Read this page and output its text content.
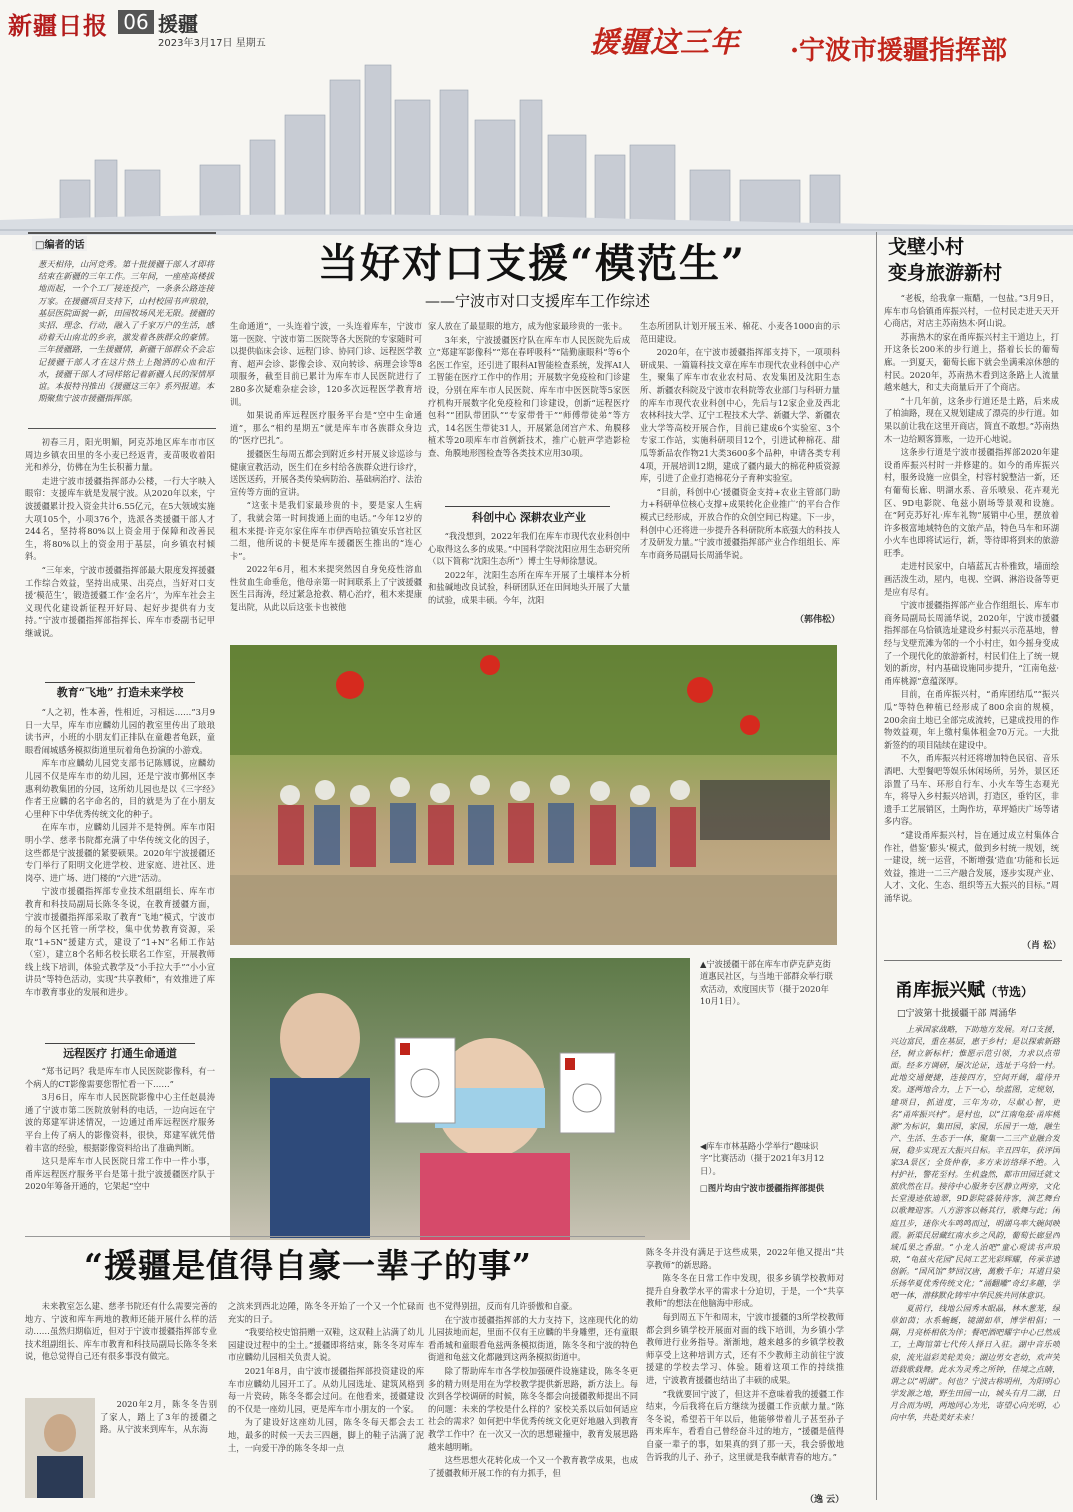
新疆日报 06 援疆
2023年3月17日 星期五	援疆这三年 ·宁波市援疆指挥部
□编者的话
葱天相待，山河竞秀。第十批援疆干部人才即将结束在新疆的三年工作。三年间，一座座高楼拔地而起，一个个工厂接连投产，一条条公路连接万家。在援疆项目支持下，山村校园书声琅琅，基层医院面貌一新，田园牧场风光无限。援疆的实招、理念、行动，融入了千家万户的生活，感动着天山南北的乡亲，激发着各族群众的豪情。三年援疆路，一生援疆情，新疆干部群众不会忘记援疆干部人才在这片热土上抛洒的心血和汗水，援疆干部人才同样铭记着新疆人民的深情厚谊。本报特刊推出《援疆这三年》系列报道。本期聚焦宁波市援疆指挥部。
当好对口支援“模范生”
——宁波市对口支援库车工作综述

初春三月，阳光明媚，阿克苏地区库车市市区周边乡镇农田里的冬小麦已经返青，麦苗吸收着阳光和养分，仿佛在为生长积蓄力量。

走进宁波市援疆指挥部办公楼，一行大字映入眼帘：支援库车就是发展宁波。从2020年以来，宁波援疆累计投入资金共计6.55亿元，在5大领域实施大项105个，小项376个，选派各类援疆干部人才244名，坚持将80%以上资金用于保障和改善民生，将80%以上的资金用于基层，向乡镇农村倾斜。

“三年来，宁波市援疆指挥部最大限度发挥援疆工作综合效益，坚持出成果、出亮点，当好对口支援‘模范生’，锻造援疆工作‘金名片’，为库车社会主义现代化建设新征程开好局、起好步提供有力支持。”宁波市援疆指挥部指挥长、库车市委副书记甲继诚说。

教育“飞地” 打造未来学校

“人之初，性本善，性相近，习相远……”3月9日一大早，库车市应麟幼儿园的教室里传出了琅琅读书声，小班的小朋友们正排队在童趣者龟跃，童眼看闹城感务模拟街道里玩着角色扮演的小游戏。

库车市应麟幼儿园党支部书记陈娜说，应麟幼儿园不仅是库车市的幼儿园，还是宁波市鄞州区李惠利幼教集团的分园，这所幼儿园也是以《三字经》作者王应麟的名字命名的，目的就是为了在小朋友心里种下中华优秀传统文化的种子。

在库车市，应麟幼儿园并不是特例。库车市阳明小学、慈孝书院都充满了中华传统文化的因子，这些都是宁波援疆的紧要硕果。2020年宁波援疆还专门举行了阳明文化进学校、进家庭、进社区、进岗亭、进广场、进门楼的“六进”活动。

宁波市援疆指挥部专业技术组副组长、库车市教育和科技局副局长陈冬冬说，在教育援疆方面，宁波市援疆指挥部采取了教育“飞地”模式，宁波市的每个区托管一所学校，集中优势教育资源，采取“1+5N”援建方式，建设了“1+N”名师工作站（室），建立8个名师名校长联名工作室，开展教师线上线下培训，体验式教学及“小手拉大手”“小小宣讲员”等特色活动，实现“共享教师”，有效推进了库车市教育事业的发展和进步。

远程医疗 打通生命通道

“郑书记吗？我是库车市人民医院影像科，有一个病人的CT影像需要您帮忙看一下……”

3月6日，库车市人民医院影像中心主任赵晨涛通了宁波市第二医院放射科的电话，一边向远在宁波的郑建军讲述情况，一边通过甬库远程医疗服务平台上传了病人的影像资料，很快，郑建军就凭借着丰富的经验，根据影像资料给出了准确判断。

这只是库车市人民医院日常工作中一件小事，甬库远程医疗服务平台是第十批宁波援疆医疗队于2020年筹备开通的，它架起“空中

生命通道”，一头连着宁波，一头连着库车，宁波市第一医院、宁波市第二医院等各大医院的专家随时可以提供临床会诊、远程门诊、协同门诊、远程医学教育、超声会诊、影像会诊、双向转诊、病理会诊等8项服务，截至目前已累计为库车市人民医院进行了280多次疑难杂症会诊，120多次远程医学教育培训。

如果说甬库远程医疗服务平台是“空中生命通道”，那么“相约星期五”就是库车市各族群众身边的“医疗巴扎”。

援疆医生每周五都会到附近乡村开展义诊巡诊与健康宣教活动，医生们在乡村给各族群众进行诊疗，送医送药，开展各类传染病防治、基础病治疗、法治宣传等方面的宣讲。

“这张卡是我们家最珍贵的卡，要是家人生病了，我就会第一时间拨通上面的电话。”今年12岁的租木来提·许克尔家住库车市伊西哈拉镇安乐宫社区二组，他所说的卡便是库车援疆医生推出的“连心卡”。

2022年6月，租木来提突然因自身免疫性溶血性贫血生命垂危，他母亲第一时间联系上了宁波援疆医生吕海涛，经过紧急抢救、精心治疗，租木来提康复出院，从此以后这张卡也被他

家人放在了最显眼的地方，成为他家最珍贵的一张卡。

3年来，宁波援疆医疗队在库车市人民医院先后成立“郑建军影像科”“郑在春呼吸科”“陆勤康眼科”等6个名医工作室，还引进了眼科AI智能检查系统，发挥AI人工智能在医疗工作中的作用；开展数字免疫检和门诊建设，分别在库车市人民医院、库车市中医医院等5家医疗机构开展数字化免疫检和门诊建设，创新“远程医疗包科”“团队带团队”“专家带骨干”“师傅带徒弟”等方式，14名医生带徒31人，开展紧急闭宫产术、角膜移植术等20项库车市首例新技术，推广心脏声学造影检查、角膜地形图检查等各类技术应用30项。

科创中心 深耕农业产业

“我没想到，2022年我们在库车市现代农业科创中心取得这么多的成果。”中国科学院沈阳应用生态研究所（以下简称“沈阳生态所”）博士生导师徐慧说。

2022年，沈阳生态所在库车开展了土壤样本分析和盐碱地改良试验，科研团队还在田间地头开展了大量的试验，成果丰硕。今年，沈阳

生态所团队计划开展玉米、棉花、小麦各1000亩的示范田建设。

2020年，在宁波市援疆指挥部支持下，一项项科研成果、一篇篇科技文章在库车市现代农业科创中心产生，聚集了库车市农业农村局、农发集团及沈阳生态所、新疆农科院及宁波市农科院等农业部门与科研力量的库车市现代农业科创中心，先后与12家企业及西北农林科技大学、辽宁工程技术大学、新疆大学、新疆农业大学等高校开展合作，目前已建成6个实验室、3个专家工作站，实施科研项目12个，引进试种棉花、甜瓜等新品农作物21大类3600多个品种，申请各类专利4项，开展培训12期，建成了疆内最大的棉花种质资源库，引进了企业打造棉花分子育种实验室。

“目前，科创中心‘援疆资金支持+农业主管部门助力+科研单位核心支撑+成果转化企业推广’的平台合作模式已经形成，开放合作的众创空间已构建。下一步，科创中心还将进一步提升各科研院所本底强大的科技人才及研发力量。”宁波市援疆指挥部产业合作组组长、库车市商务局副局长周涌华说。

（郭伟松）
▲宁波援疆干部在库车市萨克萨克街道惠民社区，与当地干部群众举行联欢活动，欢度国庆节（摄于2020年10月1日）。
◀库车市林基路小学举行“趣味识字”比赛活动（摄于2021年3月12日）。
□图片均由宁波市援疆指挥部提供
戈壁小村
变身旅游新村

“老板，给我拿一瓶醋，一包盐。”3月9日，库车市乌恰镇甬库振兴村，一位村民走进天天开心商店，对店主苏南热木·阿山说。

苏南热木的家在甬库振兴村主干道边上，打开这条长200米的步行道上，搭着长长的葡萄廊。一到夏天，葡萄长廊下就会坐满乘凉休憩的村民。2020年，苏南热木看到这条路上人流量越来越大，和丈夫商量后开了个商店。

“十几年前，这条步行道还是土路，后来成了柏油路，现在又规划建成了漂亮的步行道。如果以前让我在这里开商店，简直不敢想。”苏南热木一边给顾客算账，一边开心地说。

这条步行道是宁波市援疆指挥部2020年建设甬库振兴村时一并修建的。如今的甬库振兴村，服务设施一应俱全，村容村貌整洁一新，还有葡萄长廊、明湖水系、音乐喷泉、花卉观光区、9D电影院、龟兹小剧场等景观和设施。在“阿克苏好礼·库车礼物”展销中心里，摆放着许多极富地域特色的文旅产品，特色马车和环湖小火车也即将试运行，新，等待即将到来的旅游旺季。

走进村民家中，白墙蓝瓦古朴雅致，墙面绘画活泼生动，屋内，电视、空调、淋浴设备等更是应有尽有。

宁波市援疆指挥部产业合作组组长、库车市商务局副局长周涌华说，2020年，宁波市援疆指挥部在乌恰镇选址建设乡村振兴示范基地，曾经与戈壁荒滩为邻的一个小村庄，如今摇身变成了一个现代化的旅游新村，村民们住上了统一规划的新房，村内基础设施同步提升，“江南龟兹·甬库桃源”意蕴深厚。

目前，在甬库振兴村，“甬库团结瓜”“振兴瓜”等特色种植已经形成了800余亩的规模，200余亩土地已全部完成流转，已建成投用的作物效益观，年上缴村集体租金70万元。一大批新签约的项目陆续在建设中。

不久，甬库振兴村还将增加特色民宿、音乐酒吧、大型餐吧等娱乐休闲场所，另外，景区还添置了马车、环形自行车、小火车等生态观光车，将导入乡村振兴培训，打造区，垂钓区，非遗手工艺展销区，土陶作坊，草坪婚庆广场等诸多内容。

“建设甬库振兴村，旨在通过成立村集体合作社，借鉴‘膨头’模式，做到乡村统一规划，统一建设，统一运营，不断增强‘造血’功能和长远效益，推进一二三产融合发展，逐步实现产业、人才、文化、生态、组织等五大振兴的目标。”周涌华说。

（肖 松）
甬库振兴赋（节选）
□宁波第十批援疆干部 周涌华

上承国家战略，下助地方发展。对口支援，兴边富民，重在基层，惠于乡村；是以探索新路径，树立新标杆；惟愿示范引领，力求以点带面。经多方调研，屡次论证，选址于乌恰一村。此地交通便捷，连接四方，空间开阔，蕴待开发。逐两地合力，上下一心，绘蓝图，定规划，建项目，抓进度，三年为功，尽献心智，更名“甬库振兴村”。是村也，以“江南龟兹·甬库桃源”为标识，集田园，家园，乐园于一地，融生产、生活、生态于一体，聚集一二三产业融合发展，稳步实现五大振兴目标。辛丑四年，获评国家3A景区；全货仲春，多方来访络绎不绝。入村护社，警花至村。生机盎然，都市田园迁就文旅欣然在目。接待中心服务专区静立两旁，文化长堂漫迹依迪翠，9D影院盛装待客，演艺舞台以歌舞迎客。八方游客以畅其行，歌舞与此；闲庭且步，迷你火车鸣鸣而过，明湖乌率大碗间映霞。新渠民居藏红南水乡之风韵，葡萄长廊显西域瓜果之香甜。“小龙人治吧”童心观读书声琅琅，“龟兹火花园”民间工艺光彩辉耀，传承非遗创新。“国风馆”梦回汉唐，萬敷千年；耳道目染乐扬华夏优秀传统文化；“涌翻雕”奇幻多趣，学吧一体，潜移默化铸牢中华民族共同体意识。

夏前行，线地公园秀木眼晶，林木葱茏，绿草如茵；水系蜿蜒，镜湖如草，博学相倡；一隅，月亮桥相依为伴；餐吧酒吧耀宇中心已然成工，土陶馆第七代传人择日入驻。湖中音乐喷泉，流光溢彩美轮美奂；湖边男女老幼，欢声笑语载歌载舞。此水为灵秀之所钟，佳境之点睛，谓之以“明湖”。何也？宁波古称明州，为阳明心学发源之地，野生田园一山，城头有月二湖，日月合而为明，两地同心为光，寄望心向光明，心向中华，共赴美好未来！

“援疆是值得自豪一辈子的事”

未来教室怎么建、慈孝书院还有什么需要完善的地方、宁波和库车两地的教师还能开展什么样的活动……虽然归期临近，但对于宁波市援疆指挥部专业技术组副组长、库车市教育和科技局副局长陈冬冬来说，他总觉得自己还有很多事没有做完。

2020年2月，陈冬冬告别了家人，踏上了3年的援疆之路。从宁波来到库车，从东海

之滨来到西北边陲，陈冬冬开始了一个又一个忙碌而充实的日子。

“我要给校史馆捐赠一双鞋，这双鞋上沾满了幼儿园建设过程中的尘土。”援疆即将结束，陈冬冬对库车市应麟幼儿园相关负责人说。

2021年8月，由宁波市援疆指挥部投资建设的库车市应麟幼儿园开工了。从幼儿园选址、建筑风格到每一片瓷砖，陈冬冬都会过问。在他看来，援疆建设的不仅是一座幼儿园，更是库车市小朋友的一个家。

为了建设好这座幼儿园，陈冬冬每天都会去工地，最多的时候一天去三四趟，脚上的鞋子沾满了泥土，一向爱干净的陈冬冬却一点

也不觉得别扭，反而有几许骄傲和自豪。

在宁波市援疆指挥部的大力支持下，这座现代化的幼儿园拔地而起，里面不仅有王应麟的半身雕塑，还有童眼看甬城和童眼看龟兹两条模拟街道，陈冬冬和宁波的特色街道和龟兹文化都融到这两条模拟街道中。

除了帮助库车市各学校加强硬件设施建设，陈冬冬更多的精力则是用在为学校教学提供新思路，新方法上。每次到各学校调研的时候，陈冬冬都会向援疆教师提出不同的问题：未来的学校是什么样的？家校关系以后如何适应社会的需求？如何把中华优秀传统文化更好地融入到教育教学工作中？在一次又一次的思想碰撞中，教育发展思路越来越明晰。

这些思想火花转化成一个又一个教育教学成果，也成了援疆教师开展工作的有力抓手，但

陈冬冬并没有满足于这些成果，2022年他又提出“共享教师”的新思路。

陈冬冬在日常工作中发现，很多乡镇学校教师对提升自身教学水平的需求十分迫切，于是，一个“共享教师”的想法在他脑海中形成。

每到周五下午和周末，宁波市援疆的3所学校教师都会到乡镇学校开展面对面的线下培训，为乡镇小学教师进行业务指导。渐渐地，越来越多的乡镇学校教师享受上这种培训方式，还有不少教师主动前往宁波援建的学校去学习、体验。随着这项工作的持续推进，宁波教育援疆也结出了丰硕的成果。

“我就要回宁波了，但这并不意味着我的援疆工作结束，今后我将在后方继续为援疆工作贡献力量。”陈冬冬说，希望若干年以后，他能够带着儿子甚至孙子再来库车，看看自己曾经奋斗过的地方，“援疆是值得自豪一辈子的事，如果真的到了那一天，我会骄傲地告诉我的儿子、孙子，这里就是我奉献青春的地方。”

（逸 云）
